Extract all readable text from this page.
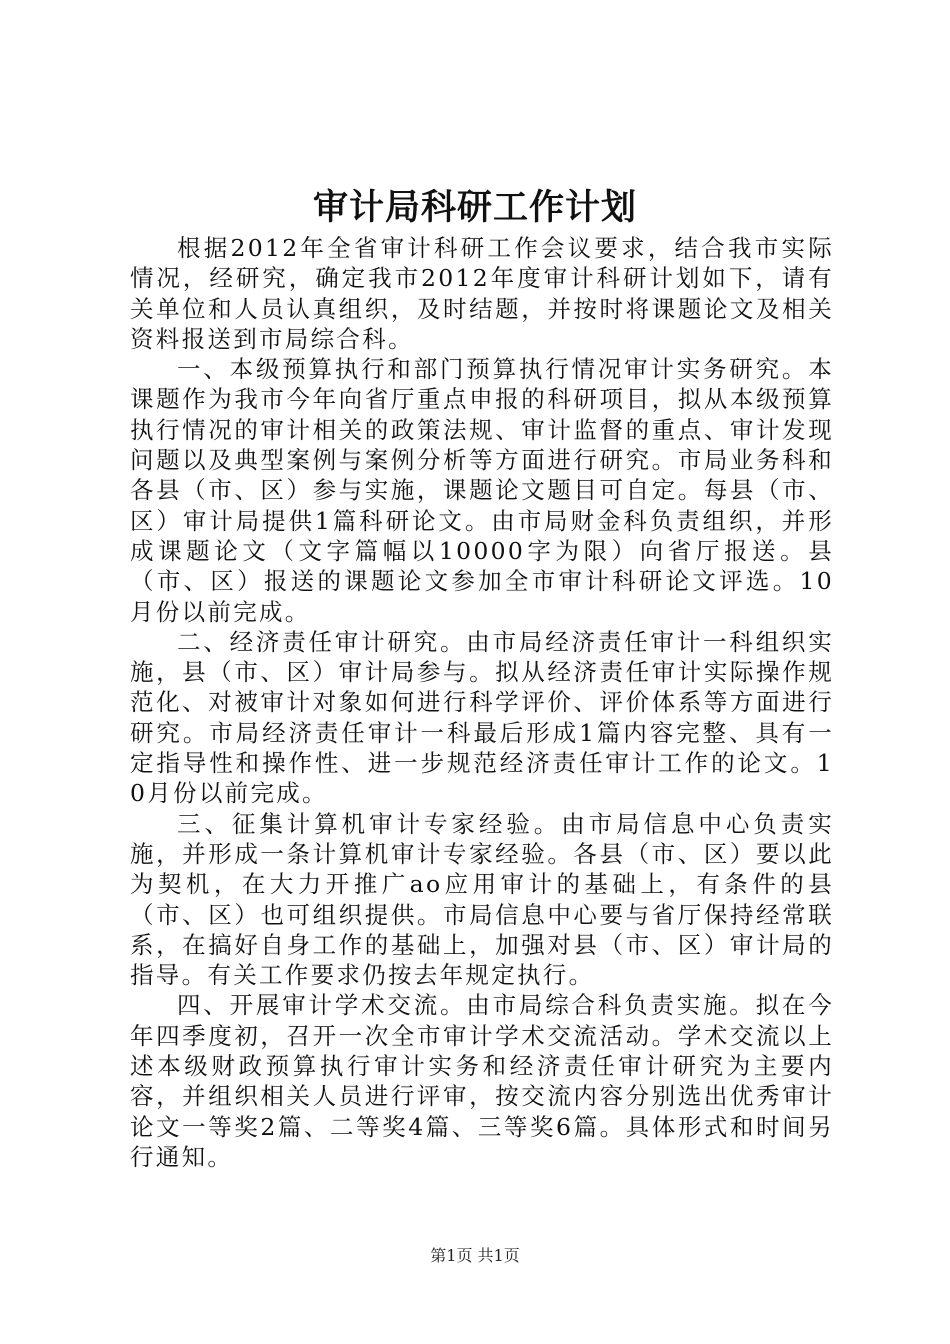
审计局科研工作计划

根据2012年全省审计科研工作会议要求，结合我市实际情况，经研究，确定我市2012年度审计科研计划如下，请有关单位和人员认真组织，及时结题，并按时将课题论文及相关资料报送到市局综合科。

一、本级预算执行和部门预算执行情况审计实务研究。本课题作为我市今年向省厅重点申报的科研项目，拟从本级预算执行情况的审计相关的政策法规、审计监督的重点、审计发现问题以及典型案例与案例分析等方面进行研究。市局业务科和各县（市、区）参与实施，课题论文题目可自定。每县（市、区）审计局提供1篇科研论文。由市局财金科负责组织，并形成课题论文（文字篇幅以10000字为限）向省厅报送。县（市、区）报送的课题论文参加全市审计科研论文评选。10月份以前完成。

二、经济责任审计研究。由市局经济责任审计一科组织实施，县（市、区）审计局参与。拟从经济责任审计实际操作规范化、对被审计对象如何进行科学评价、评价体系等方面进行研究。市局经济责任审计一科最后形成1篇内容完整、具有一定指导性和操作性、进一步规范经济责任审计工作的论文。10月份以前完成。

三、征集计算机审计专家经验。由市局信息中心负责实施，并形成一条计算机审计专家经验。各县（市、区）要以此为契机，在大力开推广ao应用审计的基础上，有条件的县（市、区）也可组织提供。市局信息中心要与省厅保持经常联系，在搞好自身工作的基础上，加强对县（市、区）审计局的指导。有关工作要求仍按去年规定执行。

四、开展审计学术交流。由市局综合科负责实施。拟在今年四季度初，召开一次全市审计学术交流活动。学术交流以上述本级财政预算执行审计实务和经济责任审计研究为主要内容，并组织相关人员进行评审，按交流内容分别选出优秀审计论文一等奖2篇、二等奖4篇、三等奖6篇。具体形式和时间另行通知。

第1页 共1页
